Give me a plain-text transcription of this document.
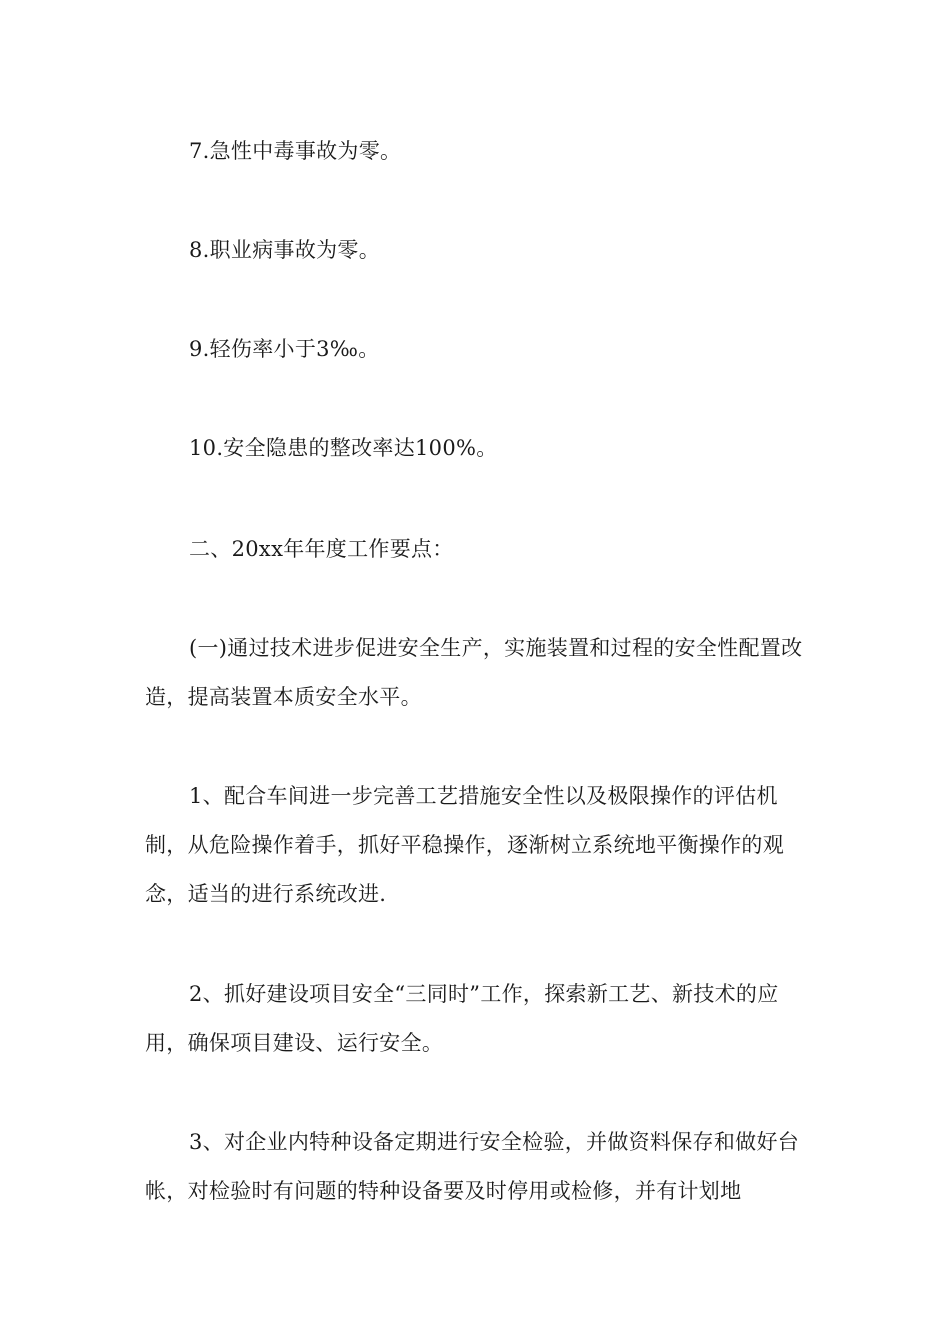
7.急性中毒事故为零。

8.职业病事故为零。

9.轻伤率小于3‰。

10.安全隐患的整改率达100%。

二、20xx年年度工作要点：

(一)通过技术进步促进安全生产，实施装置和过程的安全性配置改造，提高装置本质安全水平。

1、配合车间进一步完善工艺措施安全性以及极限操作的评估机制，从危险操作着手，抓好平稳操作，逐渐树立系统地平衡操作的观念，适当的进行系统改进.

2、抓好建设项目安全“三同时”工作，探索新工艺、新技术的应用，确保项目建设、运行安全。

3、对企业内特种设备定期进行安全检验，并做资料保存和做好台帐，对检验时有问题的特种设备要及时停用或检修，并有计划地
